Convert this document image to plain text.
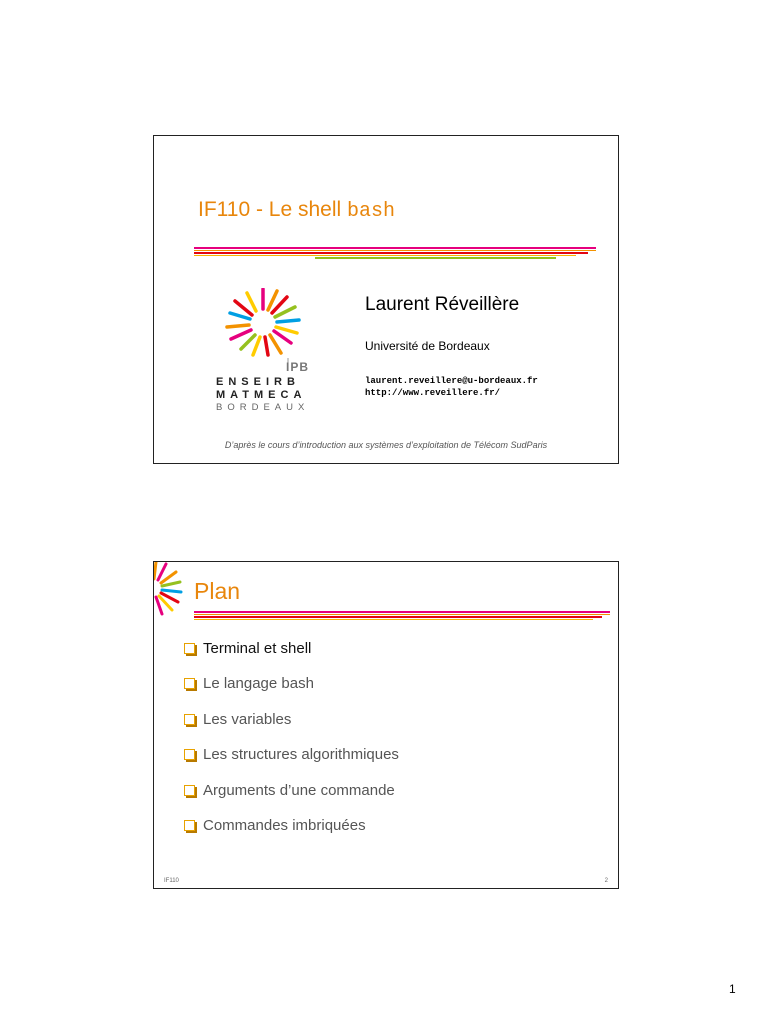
IF110 - Le shell bash
IPB
ENSEIRB
MATMECA
BORDEAUX
Laurent Réveillère
Université de Bordeaux
laurent.reveillere@u-bordeaux.fr
http://www.reveillere.fr/
D’après le cours d’introduction aux systèmes d’exploitation de Télécom SudParis
Plan
Terminal et shell
Le langage bash
Les variables
Les structures algorithmiques
Arguments d’une commande
Commandes imbriquées
IF110	2
1
